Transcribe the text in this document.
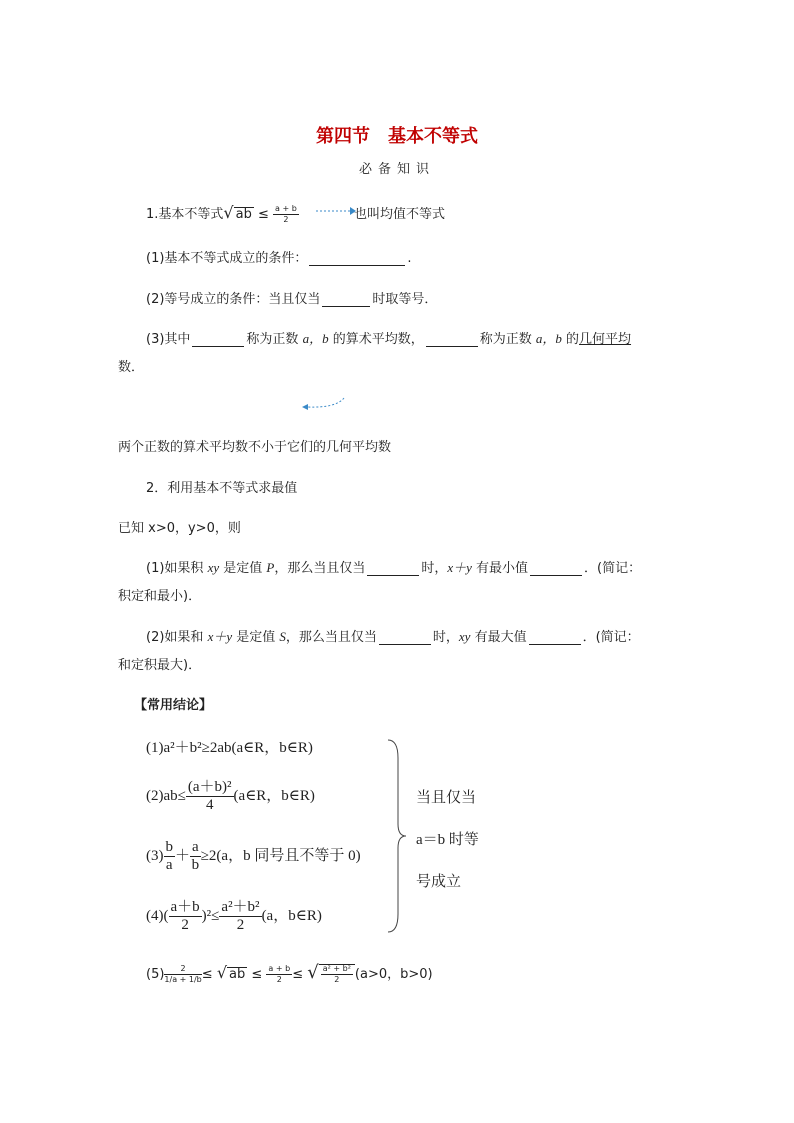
第四节　基本不等式
必备知识
1.基本不等式√ ab ≤ $\frac{a + b}{2}$	也叫均值不等式
(1)基本不等式成立的条件：	.
(2)等号成立的条件：当且仅当	时取等号．
(3)其中	称为正数 a，b 的算术平均数，	称为正数 a，b 的几何平均
数．
两个正数的算术平均数不小于它们的几何平均数
2．利用基本不等式求最值
已知 x>0，y>0，则
(1)如果积 xy 是定值 P，那么当且仅当	时，x＋y 有最小值	．(简记：
积定和最小)．
(2)如果和 x＋y 是定值 S，那么当且仅当	时，xy 有最大值	．(简记：
和定积最大)．
【常用结论】
(1)a²＋b²≥2ab(a∈R，b∈R)
$(2)ab\le \frac{\text{(a＋b)²}}{4}$ (a∈R，b∈R)
$(3) \frac{b}{a} + \frac{a}{b} \ge 2(a$，b 同号且不等于 0)
$(4)( \frac{a+b}{2} )^2\le \frac{\text{a²＋b²}}{2} (a$，b∈R)
当且仅当
a＝b 时等
号成立
$(5) \frac{2}{1/a + 1/b}$ ≤ √ ab ≤ $\frac{a + b}{2}$ ≤ √ $\frac{\text{a² + b²}}{2} (a>0$，b>0)
